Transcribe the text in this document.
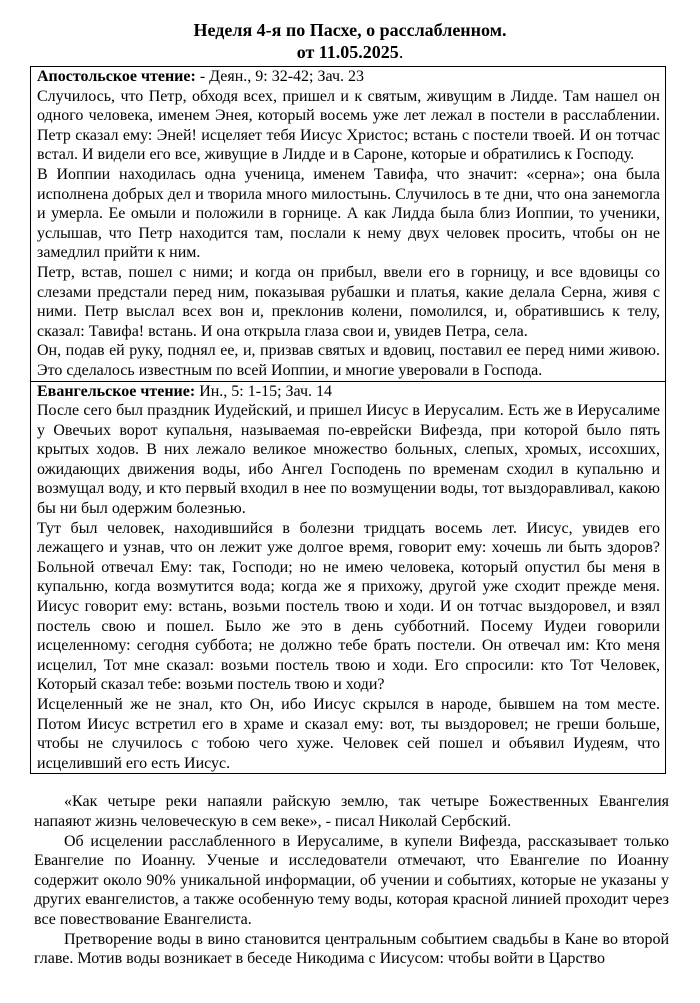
Неделя 4-я по Пасхе, о расслабленном.
от 11.05.2025.

Апостольское чтение: - Деян., 9: 32-42; Зач. 23

Случилось, что Петр, обходя всех, пришел и к святым, живущим в Лидде. Там нашел он одного человека, именем Энея, который восемь уже лет лежал в постели в расслаблении. Петр сказал ему: Эней! исцеляет тебя Иисус Христос; встань с постели твоей. И он тотчас встал. И видели его все, живущие в Лидде и в Сароне, которые и обратились к Господу.

В Иоппии находилась одна ученица, именем Тавифа, что значит: «серна»; она была исполнена добрых дел и творила много милостынь. Случилось в те дни, что она занемогла и умерла. Ее омыли и положили в горнице. А как Лидда была близ Иоппии, то ученики, услышав, что Петр находится там, послали к нему двух человек просить, чтобы он не замедлил прийти к ним.

Петр, встав, пошел с ними; и когда он прибыл, ввели его в горницу, и все вдовицы со слезами предстали перед ним, показывая рубашки и платья, какие делала Серна, живя с ними. Петр выслал всех вон и, преклонив колени, помолился, и, обратившись к телу, сказал: Тавифа! встань. И она открыла глаза свои и, увидев Петра, села.

Он, подав ей руку, поднял ее, и, призвав святых и вдовиц, поставил ее перед ними живою. Это сделалось известным по всей Иоппии, и многие уверовали в Господа.

Евангельское чтение: Ин., 5: 1-15; Зач. 14

После сего был праздник Иудейский, и пришел Иисус в Иерусалим. Есть же в Иерусалиме у Овечьих ворот купальня, называемая по-еврейски Вифезда, при которой было пять крытых ходов. В них лежало великое множество больных, слепых, хромых, иссохших, ожидающих движения воды, ибо Ангел Господень по временам сходил в купальню и возмущал воду, и кто первый входил в нее по возмущении воды, тот выздоравливал, какою бы ни был одержим болезнью.

Тут был человек, находившийся в болезни тридцать восемь лет. Иисус, увидев его лежащего и узнав, что он лежит уже долгое время, говорит ему: хочешь ли быть здоров? Больной отвечал Ему: так, Господи; но не имею человека, который опустил бы меня в купальню, когда возмутится вода; когда же я прихожу, другой уже сходит прежде меня. Иисус говорит ему: встань, возьми постель твою и ходи. И он тотчас выздоровел, и взял постель свою и пошел. Было же это в день субботний. Посему Иудеи говорили исцеленному: сегодня суббота; не должно тебе брать постели. Он отвечал им: Кто меня исцелил, Тот мне сказал: возьми постель твою и ходи. Его спросили: кто Тот Человек, Который сказал тебе: возьми постель твою и ходи?

Исцеленный же не знал, кто Он, ибо Иисус скрылся в народе, бывшем на том месте. Потом Иисус встретил его в храме и сказал ему: вот, ты выздоровел; не греши больше, чтобы не случилось с тобою чего хуже. Человек сей пошел и объявил Иудеям, что исцеливший его есть Иисус.

«Как четыре реки напаяли райскую землю, так четыре Божественных Евангелия напаяют жизнь человеческую в сем веке», - писал Николай Сербский.

Об исцелении расслабленного в Иерусалиме, в купели Вифезда, рассказывает только Евангелие по Иоанну. Ученые и исследователи отмечают, что Евангелие по Иоанну содержит около 90% уникальной информации, об учении и событиях, которые не указаны у других евангелистов, а также особенную тему воды, которая красной линией проходит через все повествование Евангелиста.

Претворение воды в вино становится центральным событием свадьбы в Кане во второй главе. Мотив воды возникает в беседе Никодима с Иисусом: чтобы войти в Царство
